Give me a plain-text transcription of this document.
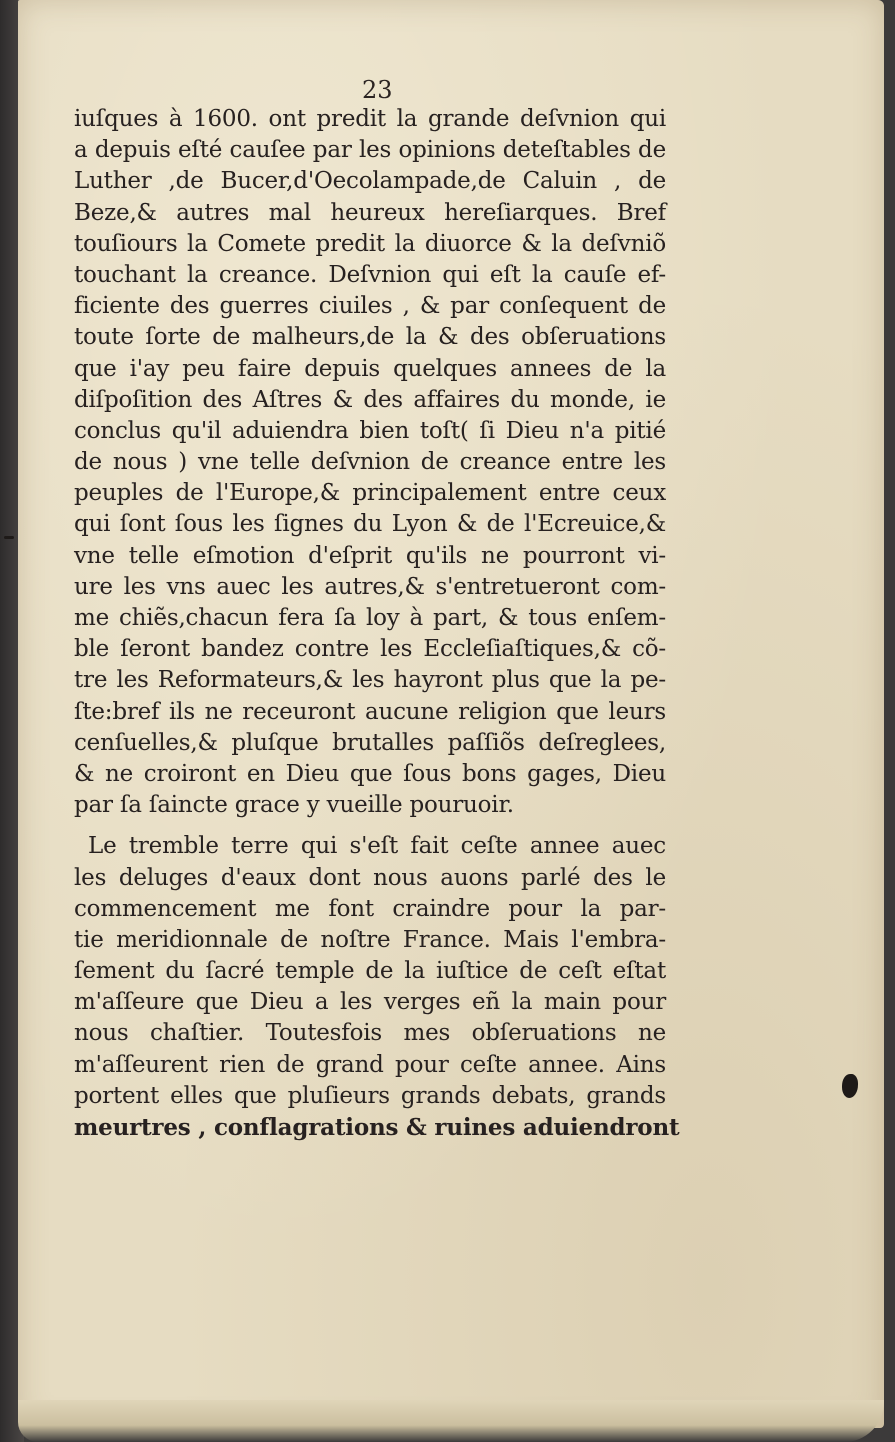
23
iuſques à 1600. ont predit la grande deſvnion qui
a depuis eſté cauſee par les opinions deteſtables de
Luther ,de Bucer,d'Oecolampade,de Caluin , de
Beze,& autres mal heureux hereſiarques. Bref
touſiours la Comete predit la diuorce & la deſvniõ
touchant la creance. Deſvnion qui eſt la cauſe ef-
ficiente des guerres ciuiles , & par conſequent de
toute ſorte de malheurs,de la & des obſeruations
que i'ay peu faire depuis quelques annees de la
diſpoſition des Aſtres & des affaires du monde, ie
conclus qu'il aduiendra bien toſt( ſi Dieu n'a pitié
de nous ) vne telle deſvnion de creance entre les
peuples de l'Europe,& principalement entre ceux
qui ſont ſous les ſignes du Lyon & de l'Ecreuice,&
vne telle eſmotion d'eſprit qu'ils ne pourront vi-
ure les vns auec les autres,& s'entretueront com-
me chiẽs,chacun fera ſa loy à part, & tous enſem-
ble ſeront bandez contre les Eccleſiaſtiques,& cõ-
tre les Reformateurs,& les hayront plus que la pe-
ſte:bref ils ne receuront aucune religion que leurs
cenſuelles,& pluſque brutalles paſſiõs deſreglees,
& ne croiront en Dieu que ſous bons gages, Dieu
par ſa ſaincte grace y vueille pouruoir.
Le tremble terre qui s'eſt fait ceſte annee auec
les deluges d'eaux dont nous auons parlé des le
commencement me font craindre pour la par-
tie meridionnale de noſtre France. Mais l'embra-
ſement du ſacré temple de la iuſtice de ceſt eſtat
m'aſſeure que Dieu a les verges eñ la main pour
nous chaſtier. Toutesfois mes obſeruations ne
m'aſſeurent rien de grand pour ceſte annee. Ains
portent elles que pluſieurs grands debats, grands
meurtres , conflagrations & ruines aduiendront
